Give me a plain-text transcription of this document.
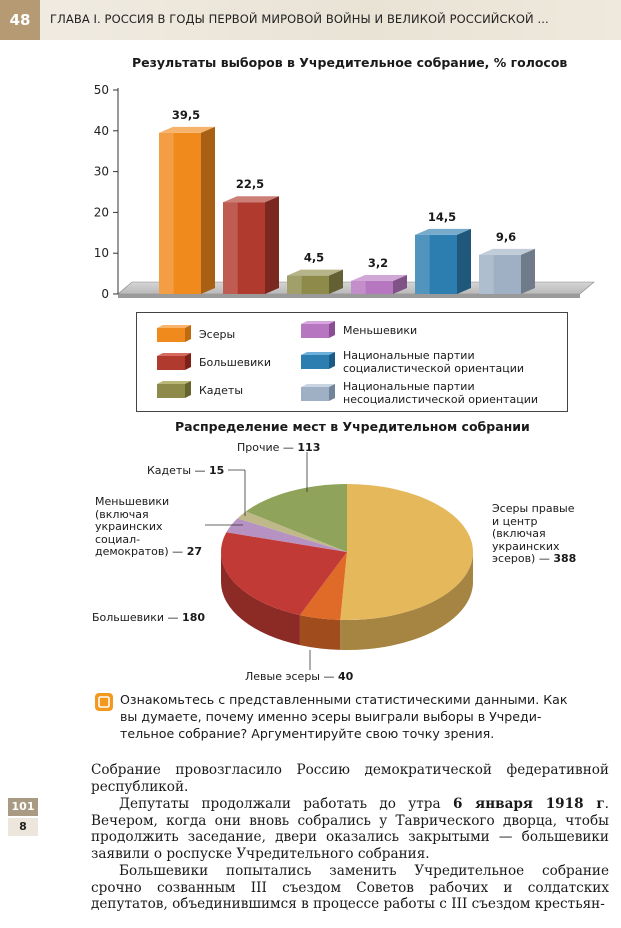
48	ГЛАВА I. РОССИЯ В ГОДЫ ПЕРВОЙ МИРОВОЙ ВОЙНЫ И ВЕЛИКОЙ РОССИЙСКОЙ ...
Результаты выборов в Учредительное собрание, % голосов
0
10
20
30
40
50
39,5
22,5
4,5	3,2
14,5
9,6
Эсеры
Большевики
Кадеты
Меньшевики
Национальные партии
социалистической ориентации
Национальные партии
несоциалистической ориентации
Распределение мест в Учредительном собрании
Прочие — 113
Кадеты — 15
Меньшевики
(включая
украинских
социал-
демократов) — 27
Большевики — 180
Левые эсеры — 40
Эсеры правые
и центр
(включая
украинских
эсеров) — 388
Ознакомьтесь с представленными статистическими данными. Как
вы думаете, почему именно эсеры выиграли выборы в Учреди-
тельное собрание? Аргументируйте свою точку зрения.
Собрание провозгласило Россию демократической федеративной республикой.
Депутаты продолжали работать до утра 6 января 1918 г. Вечером, когда они вновь собрались у Таврического дворца, чтобы продолжить заседание, двери оказались закрытыми — большевики заявили о роспуске Учредительного собрания.
Большевики попытались заменить Учредительное собрание срочно созванным III съездом Советов рабочих и солдатских депутатов, объединившимся в процессе работы с III съездом крестьян-
101
8
